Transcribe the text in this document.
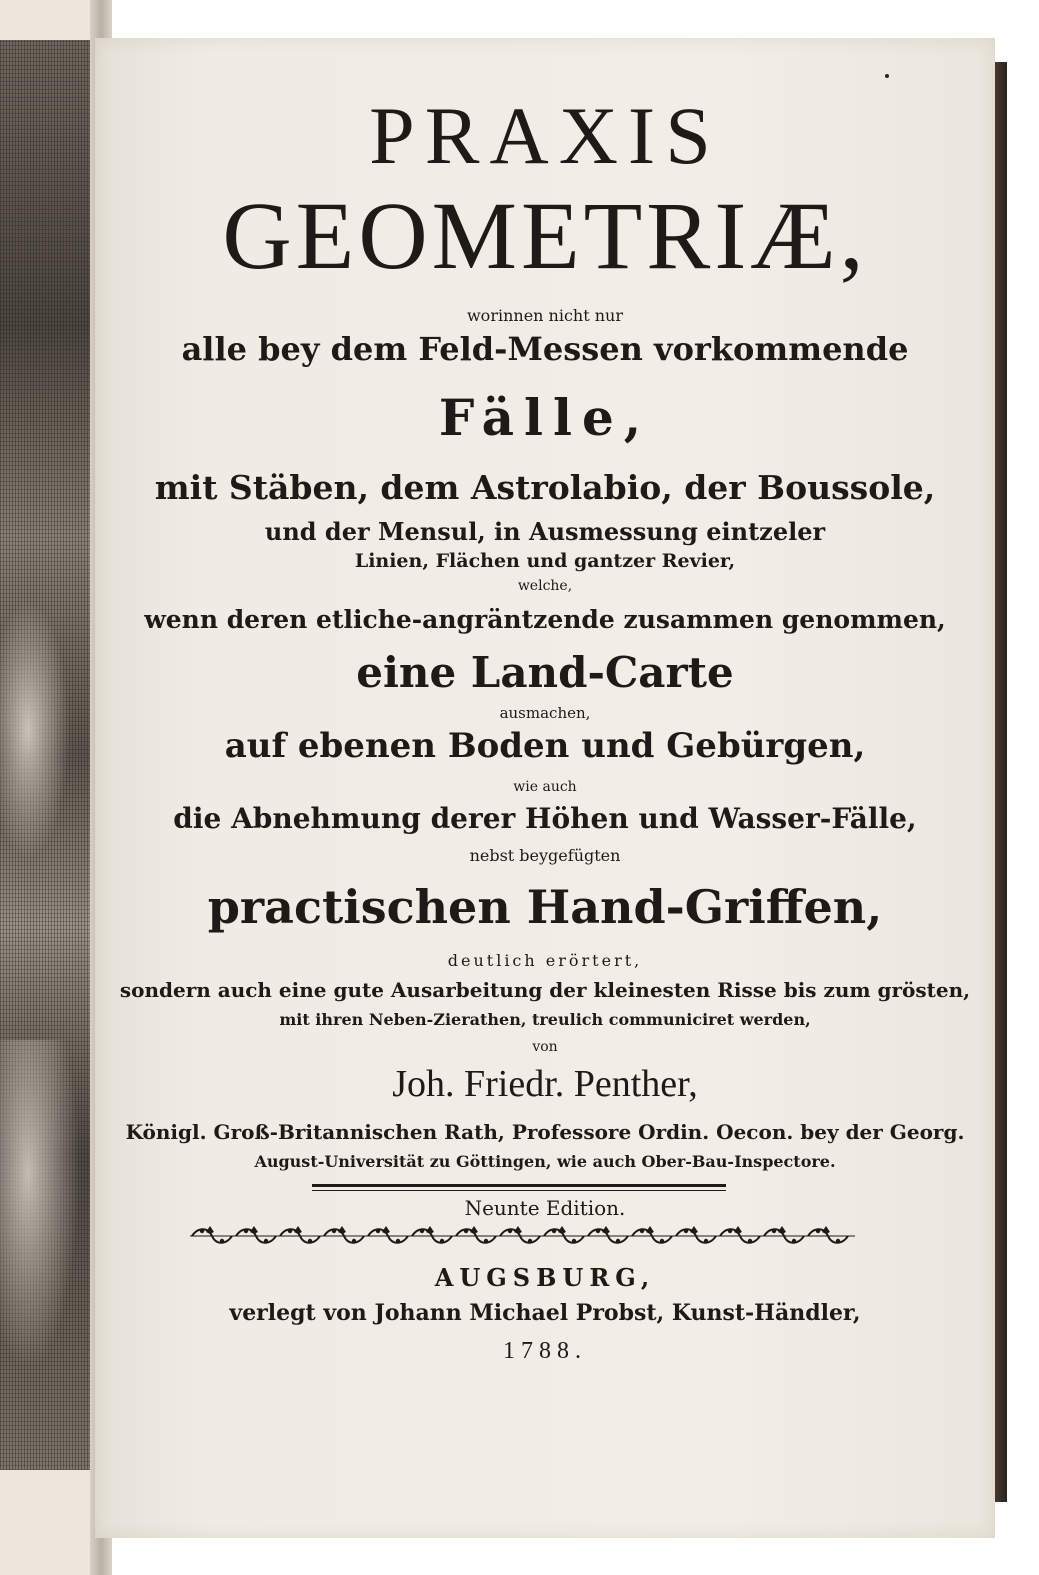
PRAXIS
GEOMETRIÆ,
worinnen nicht nur
alle bey dem Feld-Messen vorkommende
Fälle,
mit Stäben, dem Astrolabio, der Boussole,
und der Mensul, in Ausmessung eintzeler
Linien, Flächen und gantzer Revier,
welche,
wenn deren etliche-angräntzende zusammen genommen,
eine Land-Carte
ausmachen,
auf ebenen Boden und Gebürgen,
wie auch
die Abnehmung derer Höhen und Wasser-Fälle,
nebst beygefügten
practischen Hand-Griffen,
deutlich erörtert,
sondern auch eine gute Ausarbeitung der kleinesten Risse bis zum grösten,
mit ihren Neben-Zierathen, treulich communiciret werden,
von
Joh. Friedr. Penther,
Königl. Groß-Britannischen Rath, Professore Ordin. Oecon. bey der Georg.
August-Universität zu Göttingen, wie auch Ober-Bau-Inspectore.
Neunte Edition.
AUGSBURG,
verlegt von Johann Michael Probst, Kunst-Händler,
1788.
